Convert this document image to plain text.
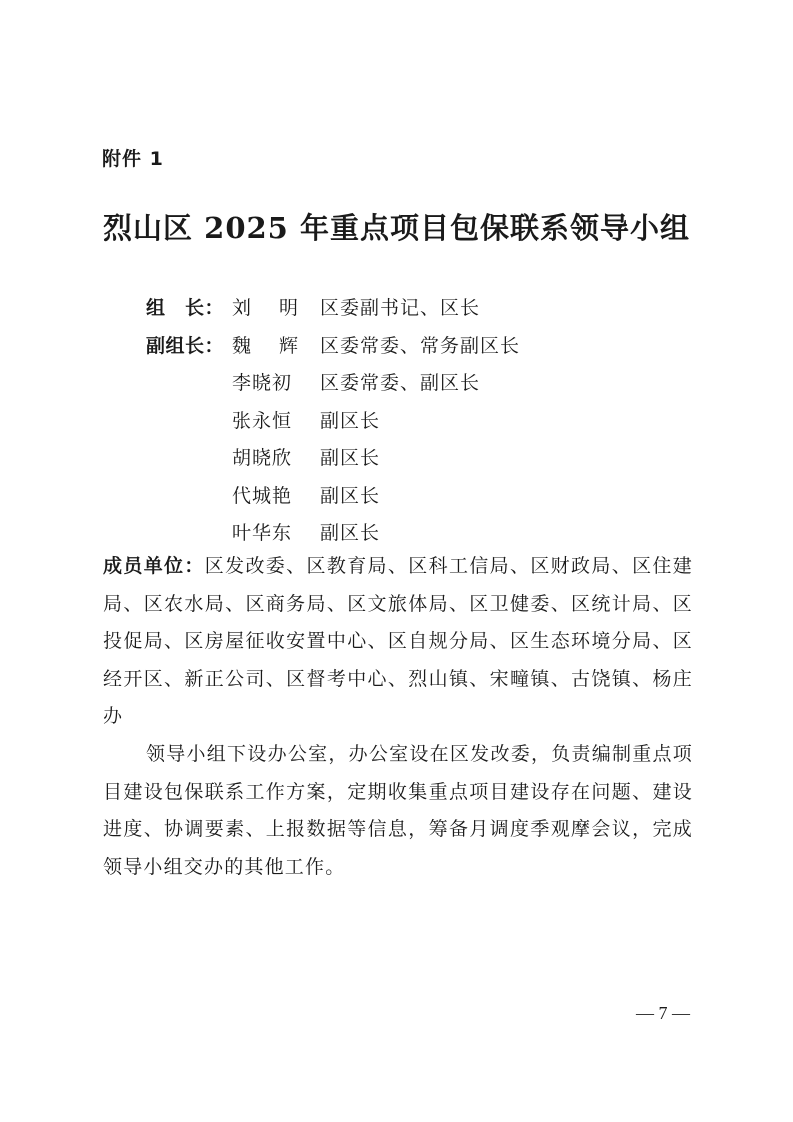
附件 1
烈山区 2025 年重点项目包保联系领导小组
组　长： 刘　 明	区委副书记、区长
副组长： 魏　 辉	区委常委、常务副区长
李晓初	区委常委、副区长
张永恒	副区长
胡晓欣	副区长
代城艳	副区长
叶华东	副区长
成员单位：区发改委、区教育局、区科工信局、区财政局、区住建局、区农水局、区商务局、区文旅体局、区卫健委、区统计局、区投促局、区房屋征收安置中心、区自规分局、区生态环境分局、区经开区、新正公司、区督考中心、烈山镇、宋疃镇、古饶镇、杨庄办
领导小组下设办公室，办公室设在区发改委，负责编制重点项目建设包保联系工作方案，定期收集重点项目建设存在问题、建设进度、协调要素、上报数据等信息，筹备月调度季观摩会议，完成领导小组交办的其他工作。
— 7 —
